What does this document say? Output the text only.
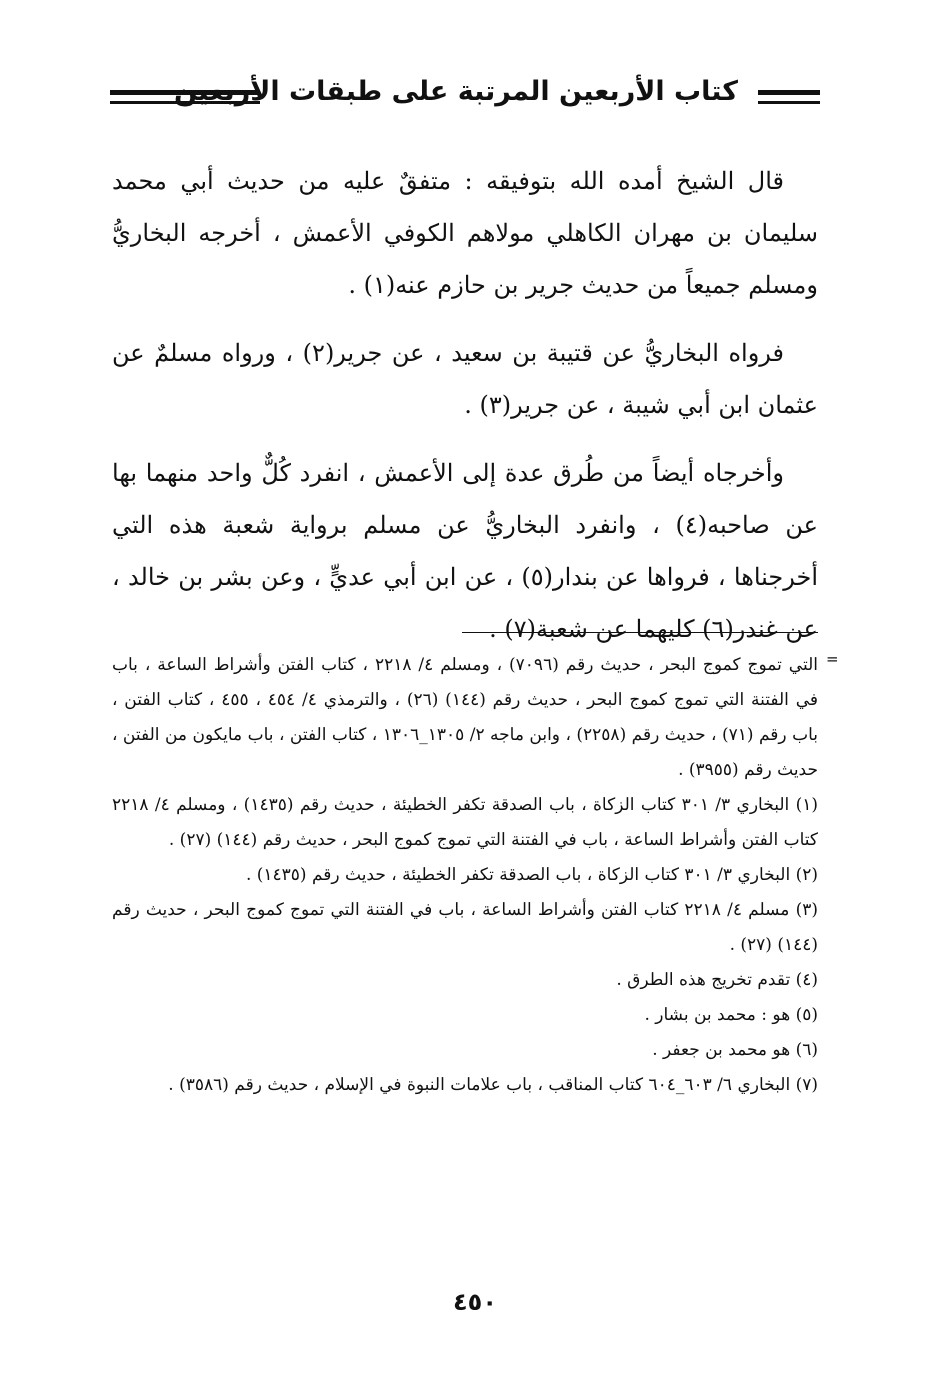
كتاب الأربعين المرتبة على طبقات الأربعين

قال الشيخ أمده الله بتوفيقه : متفقٌ عليه من حديث أبي محمد سليمان بن مهران الكاهلي مولاهم الكوفي الأعمش ، أخرجه البخاريُّ ومسلم جميعاً من حديث جرير بن حازم عنه(١) .

فرواه البخاريُّ عن قتيبة بن سعيد ، عن جرير(٢) ، ورواه مسلمٌ عن عثمان ابن أبي شيبة ، عن جرير(٣) .

وأخرجاه أيضاً من طُرق عدة إلى الأعمش ، انفرد كُلٌّ واحد منهما بها عن صاحبه(٤) ، وانفرد البخاريُّ عن مسلم برواية شعبة هذه التي أخرجناها ، فرواها عن بندار(٥) ، عن ابن أبي عديٍّ ، وعن بشر بن خالد ، عن غندر(٦) كليهما عن شعبة(٧) .

=

التي تموج كموج البحر ، حديث رقم (٧٠٩٦) ، ومسلم ٤/ ٢٢١٨ ، كتاب الفتن وأشراط الساعة ، باب في الفتنة التي تموج كموج البحر ، حديث رقم (١٤٤) (٢٦) ، والترمذي ٤/ ٤٥٤ ، ٤٥٥ ، كتاب الفتن ، باب رقم (٧١) ، حديث رقم (٢٢٥٨) ، وابن ماجه ٢/ ١٣٠٥_١٣٠٦ ، كتاب الفتن ، باب مايكون من الفتن ، حديث رقم (٣٩٥٥) .

(١) البخاري ٣/ ٣٠١ كتاب الزكاة ، باب الصدقة تكفر الخطيئة ، حديث رقم (١٤٣٥) ، ومسلم ٤/ ٢٢١٨ كتاب الفتن وأشراط الساعة ، باب في الفتنة التي تموج كموج البحر ، حديث رقم (١٤٤) (٢٧) .

(٢) البخاري ٣/ ٣٠١ كتاب الزكاة ، باب الصدقة تكفر الخطيئة ، حديث رقم (١٤٣٥) .

(٣) مسلم ٤/ ٢٢١٨ كتاب الفتن وأشراط الساعة ، باب في الفتنة التي تموج كموج البحر ، حديث رقم (١٤٤) (٢٧) .

(٤) تقدم تخريج هذه الطرق .

(٥) هو : محمد بن بشار .

(٦) هو محمد بن جعفر .

(٧) البخاري ٦/ ٦٠٣_٦٠٤ كتاب المناقب ، باب علامات النبوة في الإسلام ، حديث رقم (٣٥٨٦) .

٤٥٠
